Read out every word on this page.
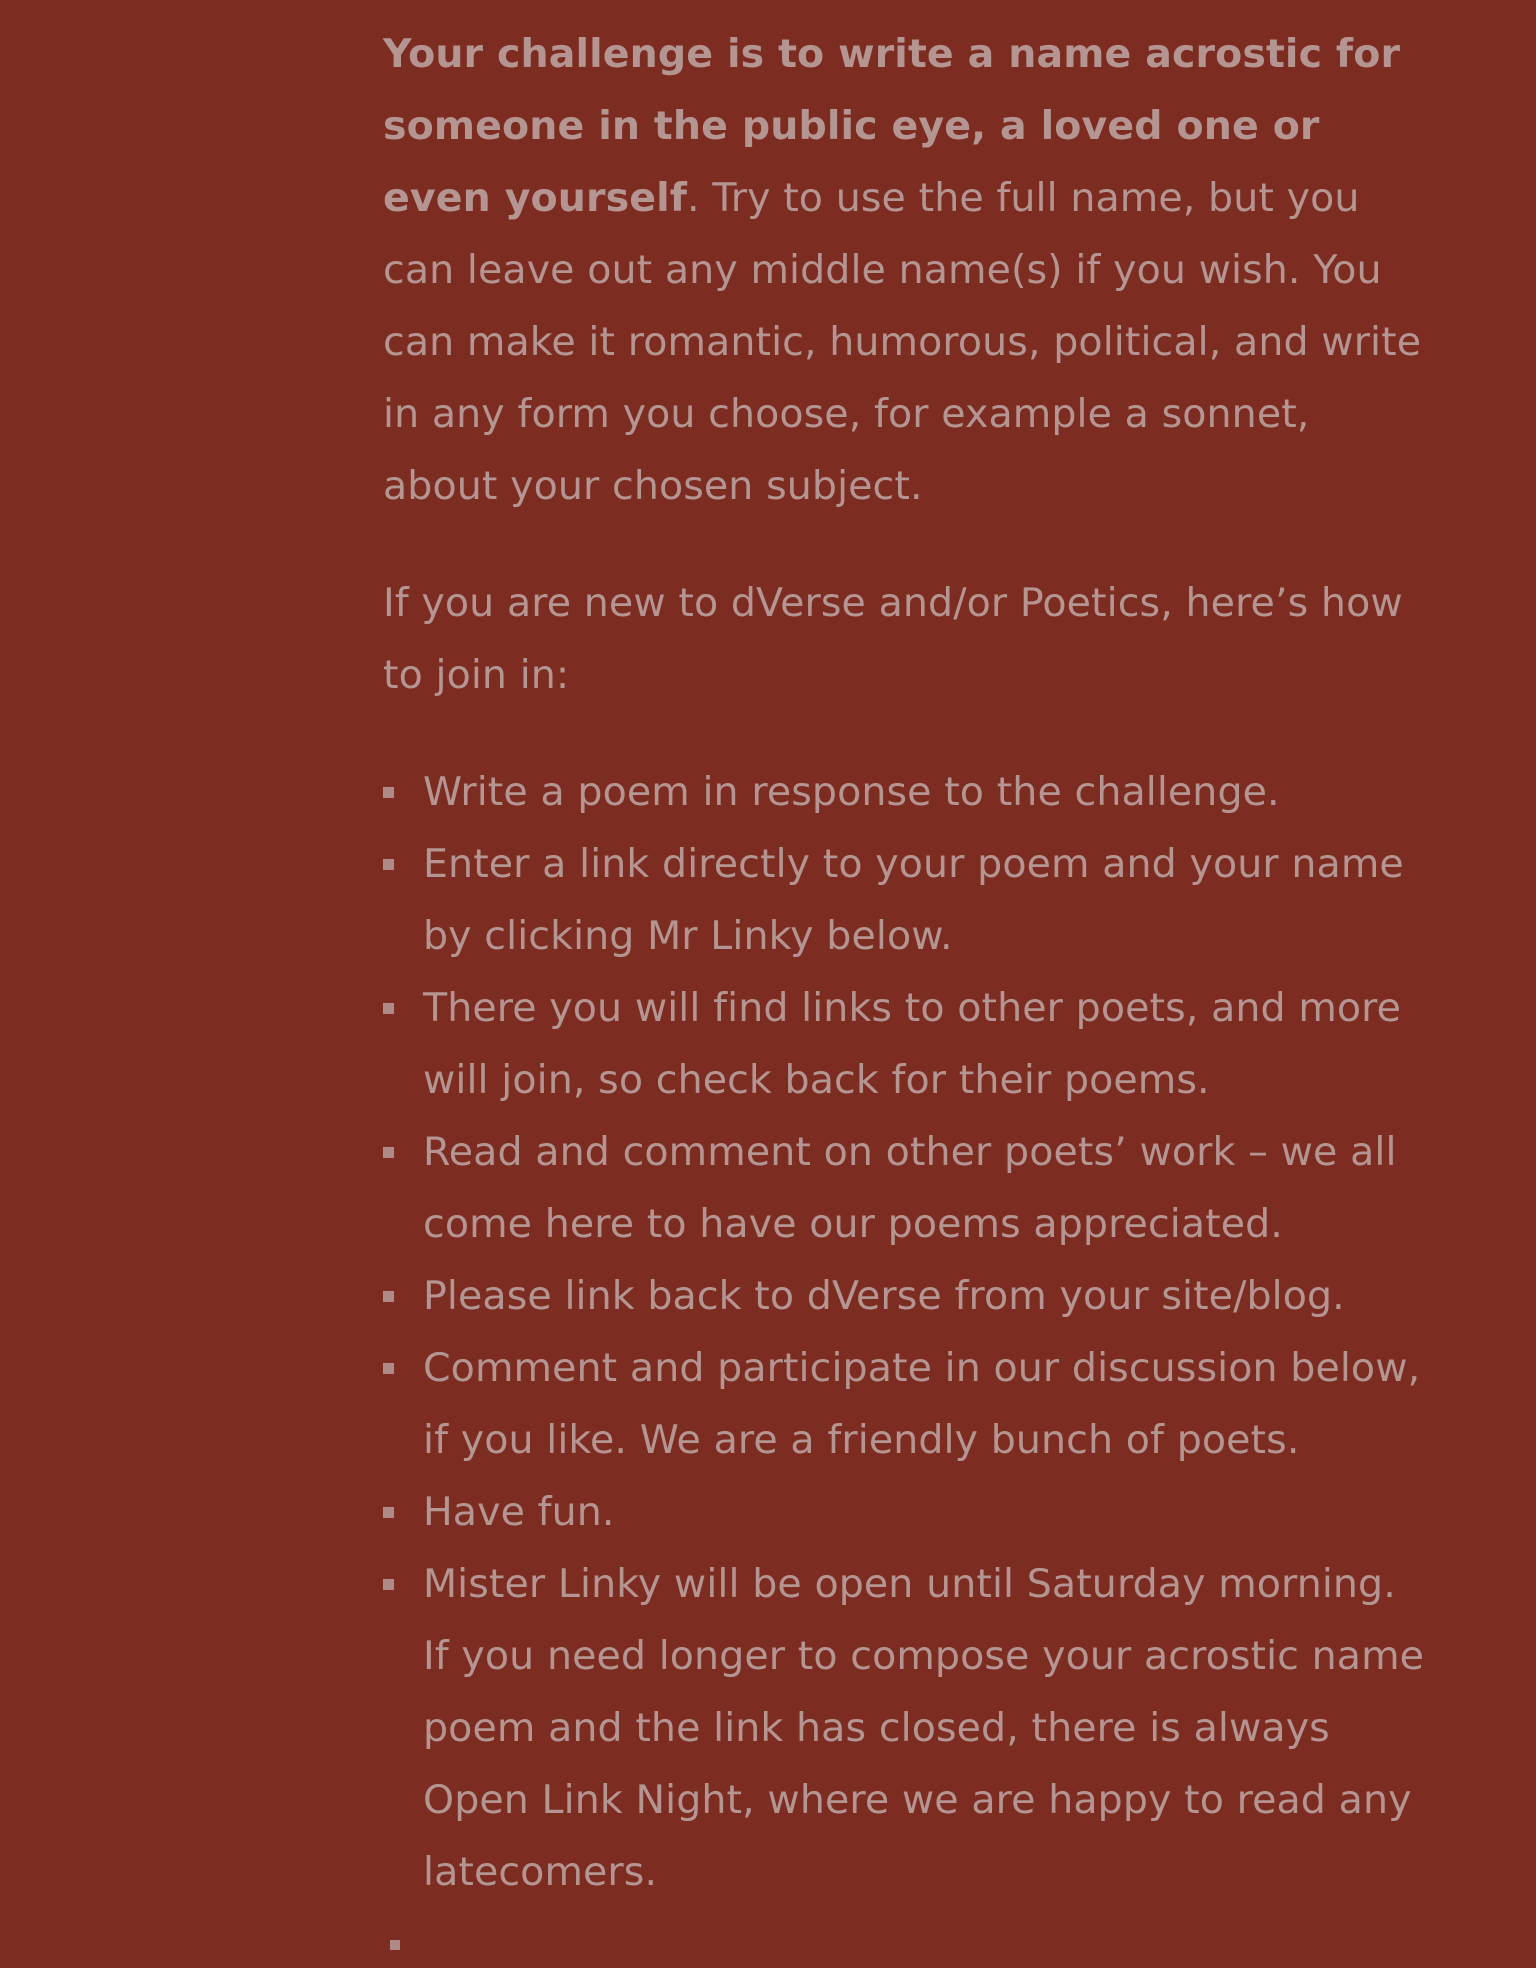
Your challenge is to write a name acrostic for someone in the public eye, a loved one or even yourself. Try to use the full name, but you can leave out any middle name(s) if you wish. You can make it romantic, humorous, political, and write in any form you choose, for example a sonnet, about your chosen subject.

If you are new to dVerse and/or Poetics, here’s how to join in:

Write a poem in response to the challenge.
Enter a link directly to your poem and your name by clicking Mr Linky below.
There you will find links to other poets, and more will join, so check back for their poems.
Read and comment on other poets’ work – we all come here to have our poems appreciated.
Please link back to dVerse from your site/blog.
Comment and participate in our discussion below, if you like. We are a friendly bunch of poets.
Have fun.
Mister Linky will be open until Saturday morning. If you need longer to compose your acrostic name poem and the link has closed, there is always Open Link Night, where we are happy to read any latecomers.
